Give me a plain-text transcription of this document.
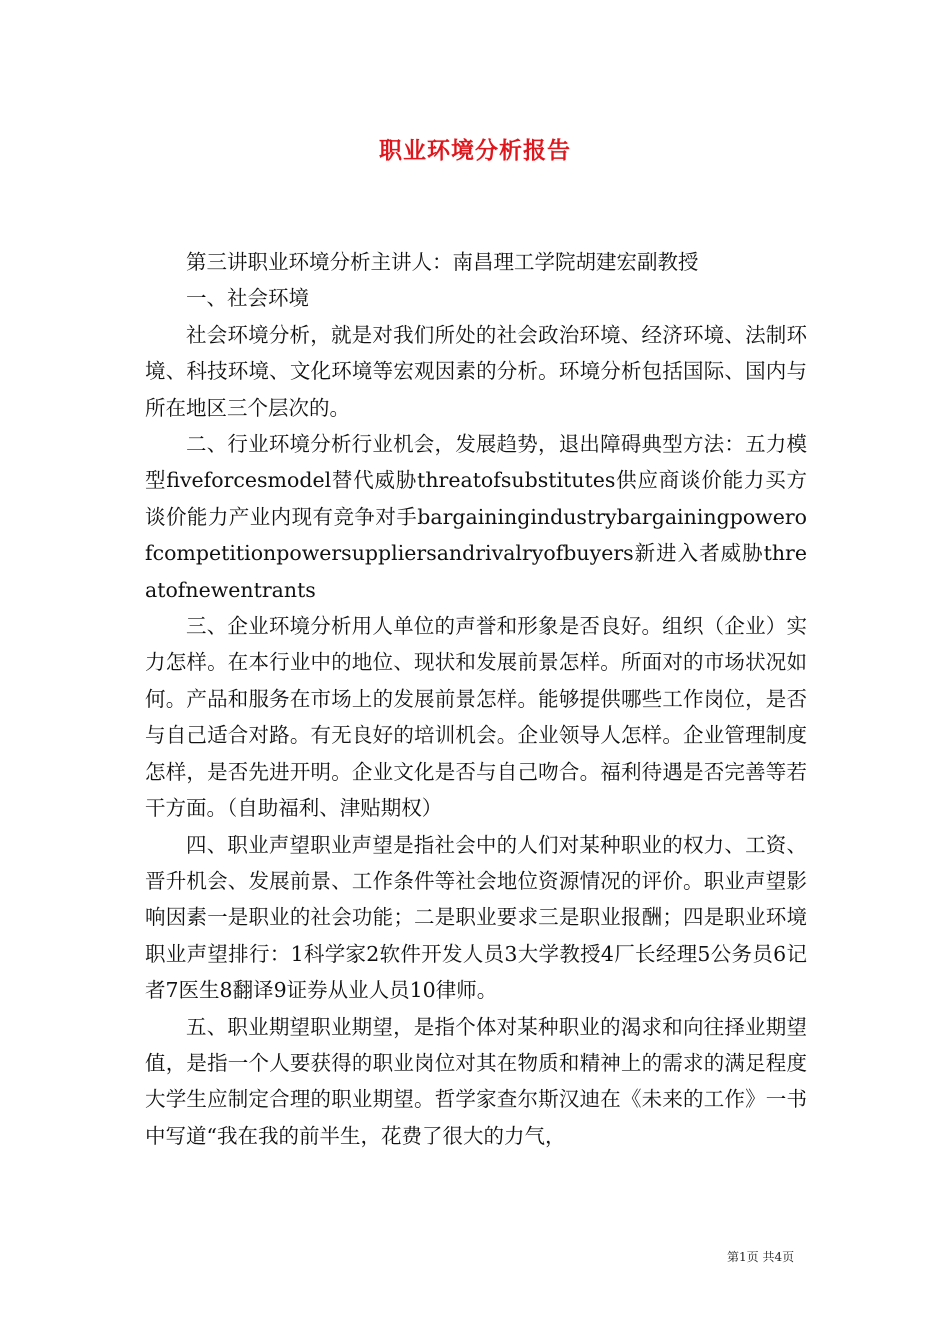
职业环境分析报告

第三讲职业环境分析主讲人：南昌理工学院胡建宏副教授

一、社会环境

社会环境分析，就是对我们所处的社会政治环境、经济环境、法制环境、科技环境、文化环境等宏观因素的分析。环境分析包括国际、国内与所在地区三个层次的。

二、行业环境分析行业机会，发展趋势，退出障碍典型方法：五力模型fiveforcesmodel替代威胁threatofsubstitutes供应商谈价能力买方谈价能力产业内现有竞争对手bargainingindustrybargainingpowerofcompetitionpowersuppliersandrivalryofbuyers新进入者威胁threatofnewentrants

三、企业环境分析用人单位的声誉和形象是否良好。组织（企业）实力怎样。在本行业中的地位、现状和发展前景怎样。所面对的市场状况如何。产品和服务在市场上的发展前景怎样。能够提供哪些工作岗位，是否与自己适合对路。有无良好的培训机会。企业领导人怎样。企业管理制度怎样，是否先进开明。企业文化是否与自己吻合。福利待遇是否完善等若干方面。（自助福利、津贴期权）

四、职业声望职业声望是指社会中的人们对某种职业的权力、工资、晋升机会、发展前景、工作条件等社会地位资源情况的评价。职业声望影响因素一是职业的社会功能；二是职业要求三是职业报酬；四是职业环境职业声望排行：1科学家2软件开发人员3大学教授4厂长经理5公务员6记者7医生8翻译9证券从业人员10律师。

五、职业期望职业期望，是指个体对某种职业的渴求和向往择业期望值，是指一个人要获得的职业岗位对其在物质和精神上的需求的满足程度大学生应制定合理的职业期望。哲学家查尔斯汉迪在《未来的工作》一书中写道“我在我的前半生，花费了很大的力气，

第1页 共4页
